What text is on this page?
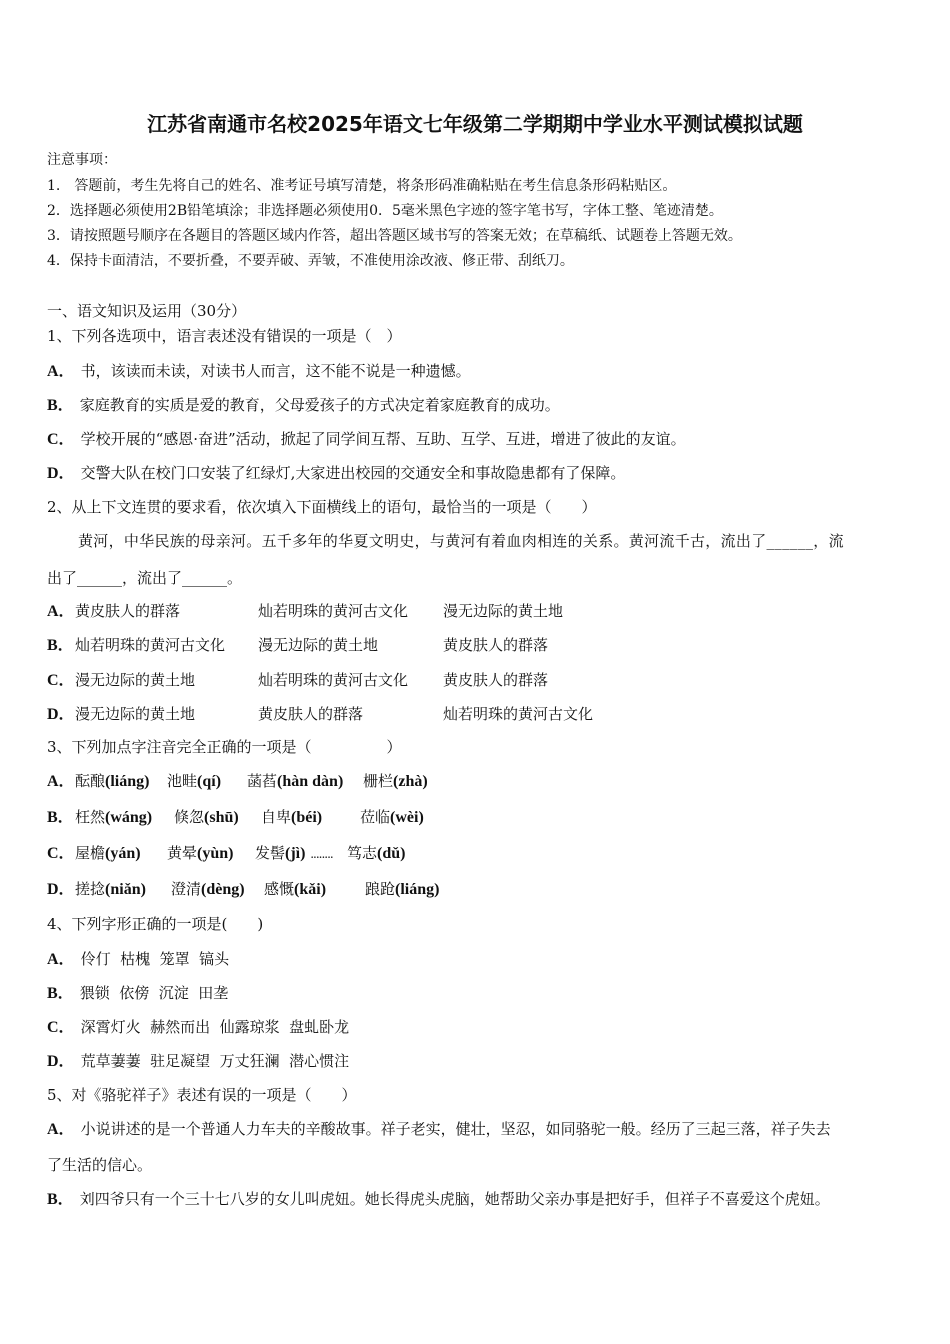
江苏省南通市名校2025年语文七年级第二学期期中学业水平测试模拟试题
注意事项：
1.　答题前，考生先将自己的姓名、准考证号填写清楚，将条形码准确粘贴在考生信息条形码粘贴区。
2．选择题必须使用2B铅笔填涂；非选择题必须使用0．5毫米黑色字迹的签字笔书写，字体工整、笔迹清楚。
3．请按照题号顺序在各题目的答题区域内作答，超出答题区域书写的答案无效；在草稿纸、试题卷上答题无效。
4．保持卡面清洁，不要折叠，不要弄破、弄皱，不准使用涂改液、修正带、刮纸刀。
一、语文知识及运用（30分）
1、下列各选项中，语言表述没有错误的一项是（　）
A． 书，该读而未读，对读书人而言，这不能不说是一种遗憾。
B． 家庭教育的实质是爱的教育，父母爱孩子的方式决定着家庭教育的成功。
C． 学校开展的“感恩·奋进”活动，掀起了同学间互帮、互助、互学、互进，增进了彼此的友谊。
D． 交警大队在校门口安装了红绿灯,大家进出校园的交通安全和事故隐患都有了保障。
2、从上下文连贯的要求看，依次填入下面横线上的语句，最恰当的一项是（　　）
黄河，中华民族的母亲河。五千多年的华夏文明史，与黄河有着血肉相连的关系。黄河流千古，流出了______，流
出了______，流出了______。
A． 黄皮肤人的群落	灿若明珠的黄河古文化 漫无边际的黄土地
B． 灿若明珠的黄河古文化 漫无边际的黄土地	黄皮肤人的群落
C． 漫无边际的黄土地	灿若明珠的黄河古文化 黄皮肤人的群落
D． 漫无边际的黄土地	黄皮肤人的群落	灿若明珠的黄河古文化
3、下列加点字注音完全正确的一项是（　　　　　）
A． 酝酿(liáng) 池畦(qí) 菡萏(hàn dàn) 栅栏(zhà)
B． 枉然(wáng) 倏忽(shū) 自卑(béi)	莅临(wèi)
C． 屋檐(yán) 黄晕(yùn) 发髻(jì) ........ 笃志(dǔ)
D． 搓捻(niǎn) 澄清(dèng) 感慨(kǎi)	踉跄(liáng)
4、下列字形正确的一项是(　　)
A． 伶仃  枯槐  笼罩  镐头
B． 猥锁  依傍  沉淀  田垄
C． 深霄灯火  赫然而出  仙露琼浆  盘虬卧龙
D． 荒草萋萋  驻足凝望  万丈狂澜  潜心惯注
5、对《骆驼祥子》表述有误的一项是（　　）
A． 小说讲述的是一个普通人力车夫的辛酸故事。祥子老实，健壮，坚忍，如同骆驼一般。经历了三起三落，祥子失去
了生活的信心。
B． 刘四爷只有一个三十七八岁的女儿叫虎妞。她长得虎头虎脑，她帮助父亲办事是把好手，但祥子不喜爱这个虎妞。
